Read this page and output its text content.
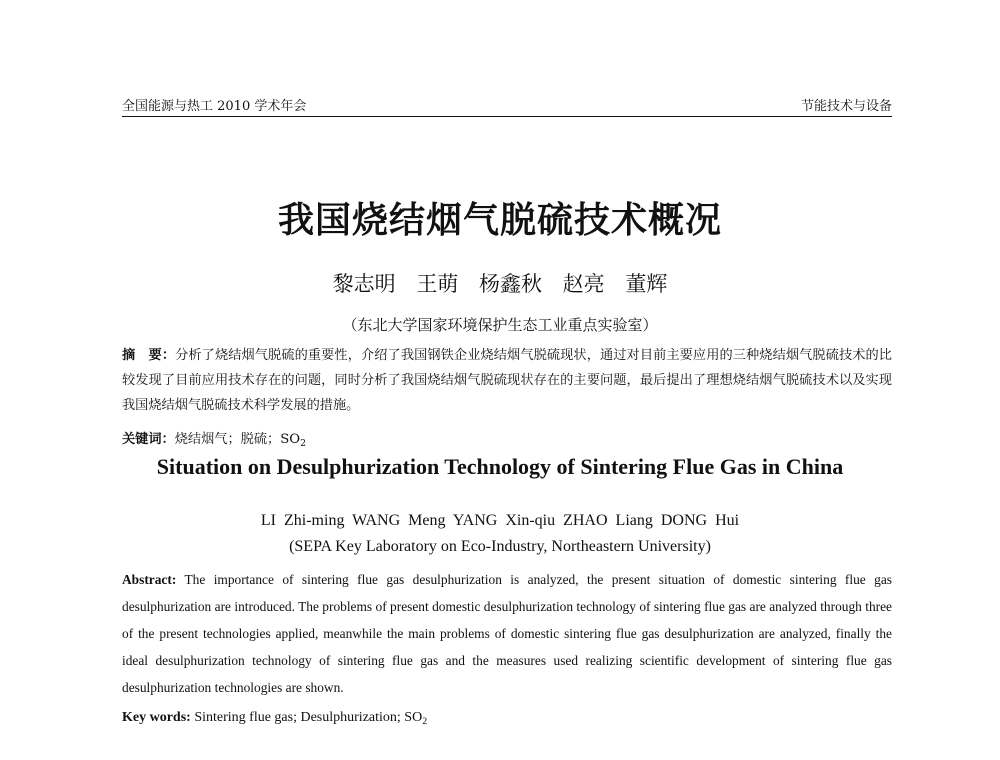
全国能源与热工 2010 学术年会	节能技术与设备
我国烧结烟气脱硫技术概况
黎志明 王萌 杨鑫秋 赵亮 董辉
（东北大学国家环境保护生态工业重点实验室）
摘　要：分析了烧结烟气脱硫的重要性，介绍了我国钢铁企业烧结烟气脱硫现状，通过对目前主要应用的三种烧结烟气脱硫技术的比较发现了目前应用技术存在的问题，同时分析了我国烧结烟气脱硫现状存在的主要问题，最后提出了理想烧结烟气脱硫技术以及实现我国烧结烟气脱硫技术科学发展的措施。
关键词：烧结烟气；脱硫；$SO_2$
Situation on Desulphurization Technology of Sintering Flue Gas in China
LI Zhi-ming WANG Meng YANG Xin-qiu ZHAO Liang DONG Hui
(SEPA Key Laboratory on Eco-Industry, Northeastern University)
Abstract: The importance of sintering flue gas desulphurization is analyzed, the present situation of domestic sintering flue gas desulphurization are introduced. The problems of present domestic desulphurization technology of sintering flue gas are analyzed through three of the present technologies applied, meanwhile the main problems of domestic sintering flue gas desulphurization are analyzed, finally the ideal desulphurization technology of sintering flue gas and the measures used realizing scientific development of sintering flue gas desulphurization technologies are shown.
Key words: Sintering flue gas; Desulphurization; $SO_2$
